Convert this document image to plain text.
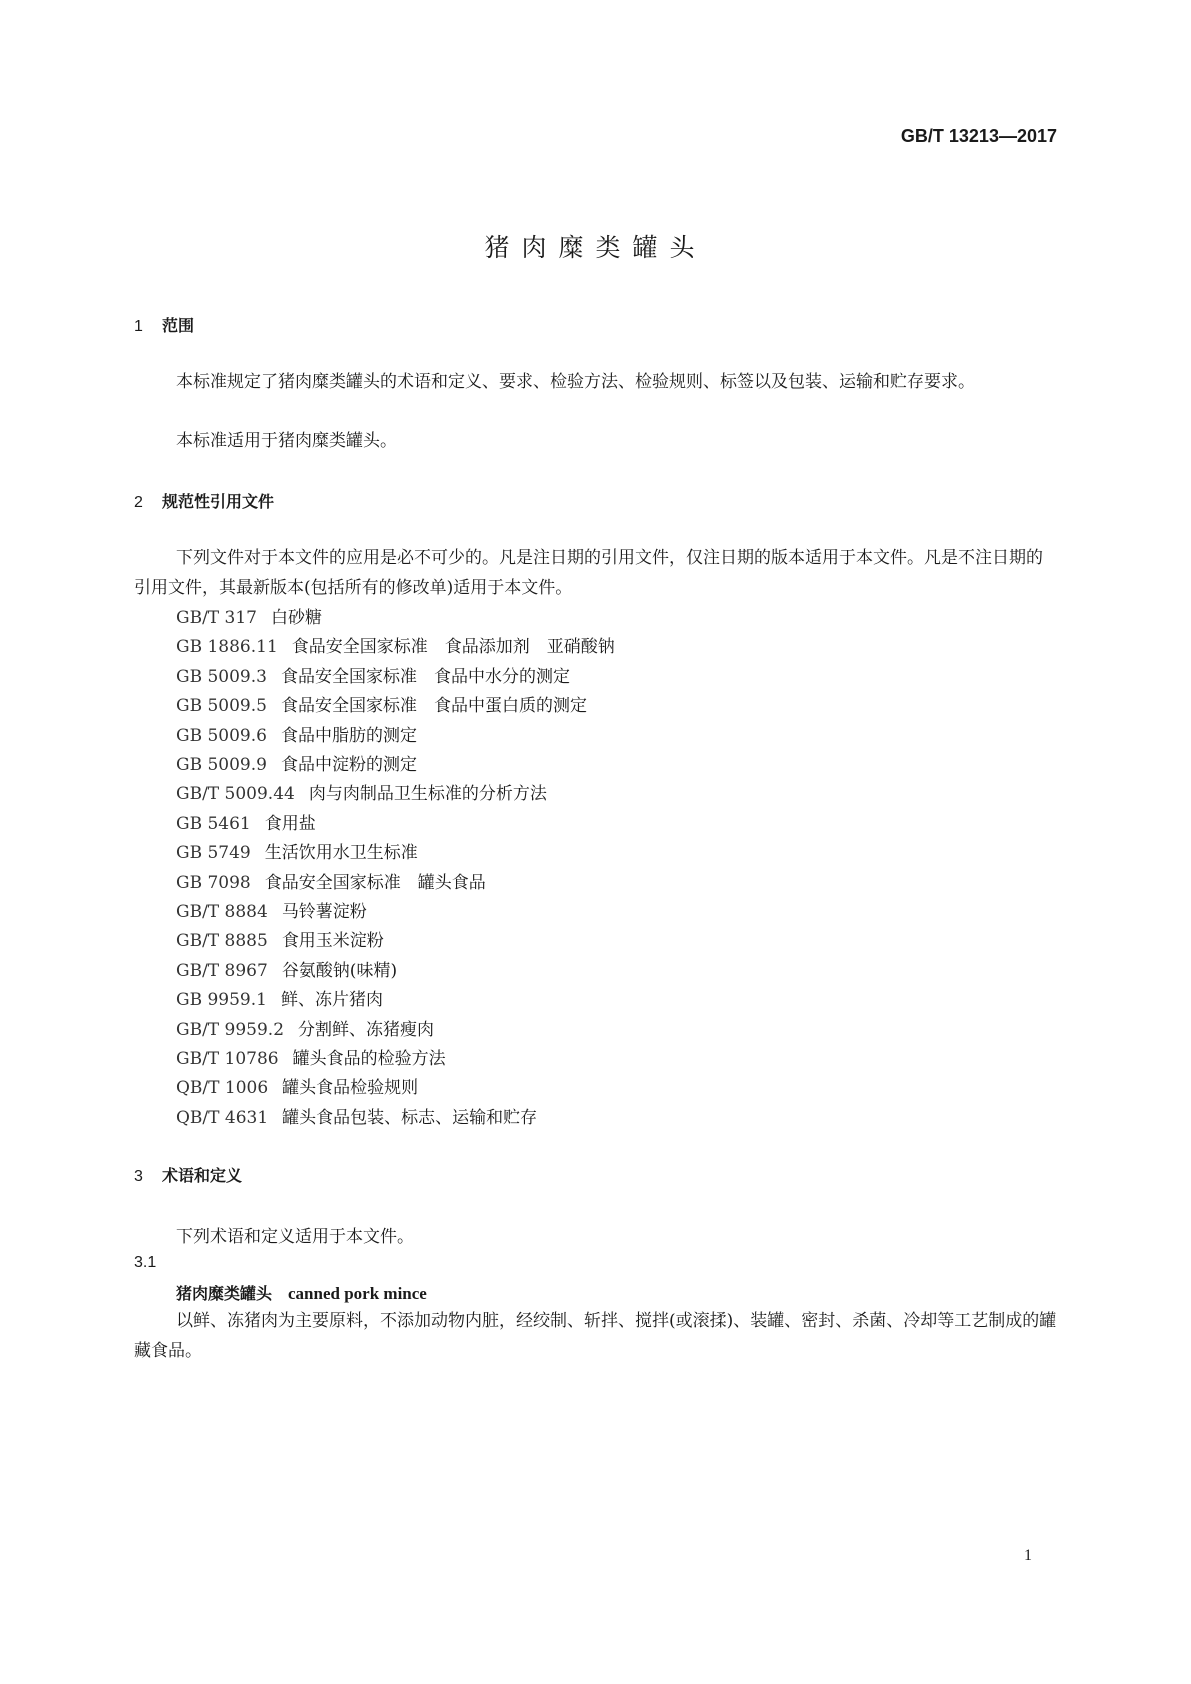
GB/T 13213—2017
猪肉糜类罐头
1 范围
本标准规定了猪肉糜类罐头的术语和定义、要求、检验方法、检验规则、标签以及包装、运输和贮存要求。
本标准适用于猪肉糜类罐头。
2 规范性引用文件
下列文件对于本文件的应用是必不可少的。凡是注日期的引用文件，仅注日期的版本适用于本文件。凡是不注日期的引用文件，其最新版本(包括所有的修改单)适用于本文件。
GB/T 317 白砂糖
GB 1886.11 食品安全国家标准　食品添加剂　亚硝酸钠
GB 5009.3 食品安全国家标准　食品中水分的测定
GB 5009.5 食品安全国家标准　食品中蛋白质的测定
GB 5009.6 食品中脂肪的测定
GB 5009.9 食品中淀粉的测定
GB/T 5009.44 肉与肉制品卫生标准的分析方法
GB 5461 食用盐
GB 5749 生活饮用水卫生标准
GB 7098 食品安全国家标准　罐头食品
GB/T 8884 马铃薯淀粉
GB/T 8885 食用玉米淀粉
GB/T 8967 谷氨酸钠(味精)
GB 9959.1 鲜、冻片猪肉
GB/T 9959.2 分割鲜、冻猪瘦肉
GB/T 10786 罐头食品的检验方法
QB/T 1006 罐头食品检验规则
QB/T 4631 罐头食品包装、标志、运输和贮存
3 术语和定义
下列术语和定义适用于本文件。
3.1
猪肉糜类罐头 canned pork mince
以鲜、冻猪肉为主要原料，不添加动物内脏，经绞制、斩拌、搅拌(或滚揉)、装罐、密封、杀菌、冷却等工艺制成的罐藏食品。
1
